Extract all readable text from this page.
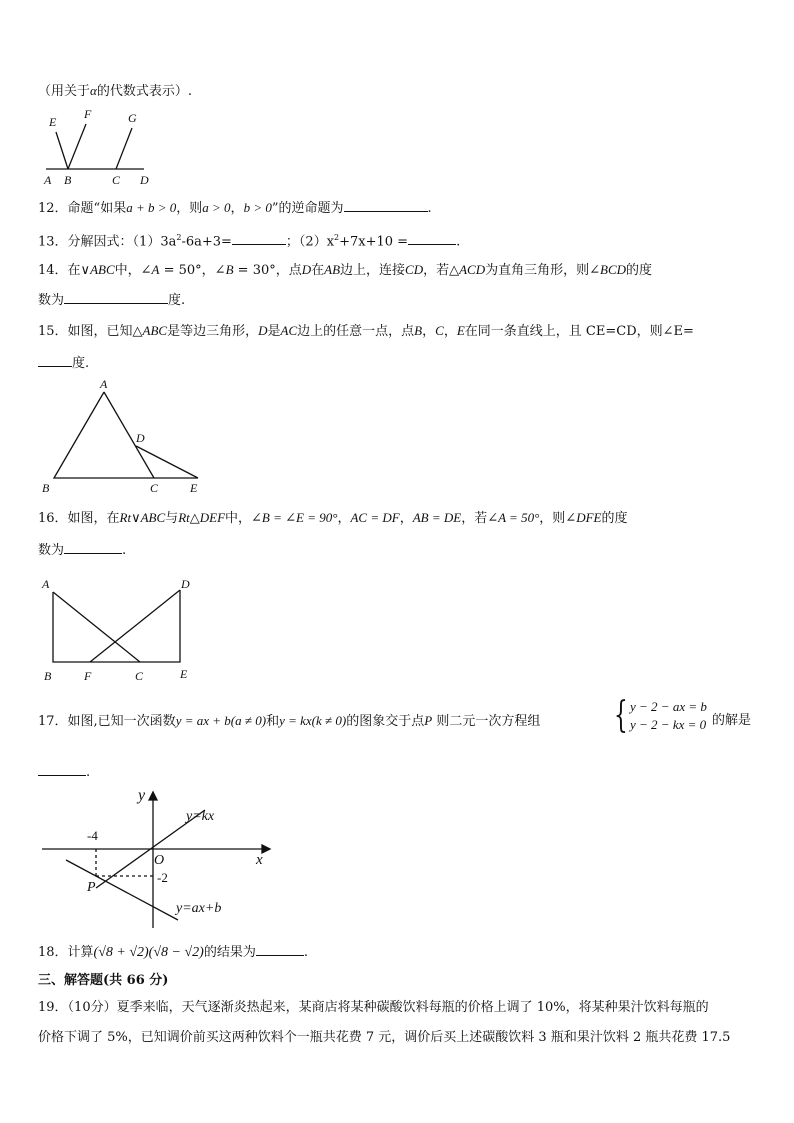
（用关于α的代数式表示）.
E
F	G
A B	C D
12．命题“如果a + b > 0，则a > 0，b > 0”的逆命题为	.
13．分解因式：$(1)3a^2-6a+3=$	；$(2)x^2+7x+10$ =	.
14．在∨ABC中，∠A = 50°，∠B = 30°，点D在AB边上，连接CD，若△ACD为直角三角形，则∠BCD的度
数为	度.
15．如图，已知△ABC是等边三角形，D是AC边上的任意一点，点B，C，E在同一条直线上，且 CE=CD，则∠E=
度.
A
D
B	C	E
16．如图，在Rt∨ABC与Rt△DEF中，∠B = ∠E = 90°，AC = DF，AB = DE，若∠A = 50°，则∠DFE的度
数为	.
A	D
B	F	C	E
17．如图,已知一次函数y = ax + b(a ≠ 0)和y = kx(k ≠ 0)的图象交于点P 则二元一次方程组 { y − 2 − ax = b
y − 2 − kx = 0 的解是
.
y
y=kx
-4
O	x
-2
P
y=ax+b
18．计算(√8 + √2)(√8 − √2)的结果为	.
三、解答题(共 66 分)
19．（10分）夏季来临，天气逐渐炎热起来，某商店将某种碳酸饮料每瓶的价格上调了 10%，将某种果汁饮料每瓶的
价格下调了 5%，已知调价前买这两种饮料个一瓶共花费 7 元，调价后买上述碳酸饮料 3 瓶和果汁饮料 2 瓶共花费 17.5
